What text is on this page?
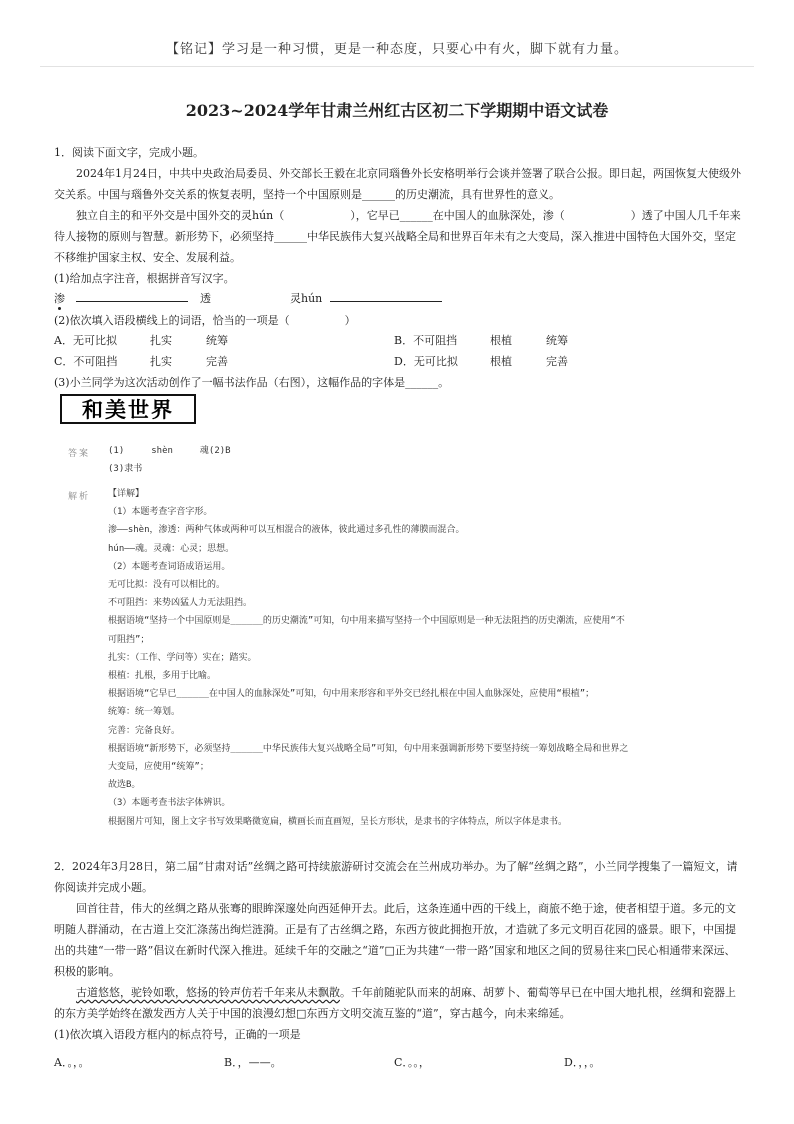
【铭记】学习是一种习惯，更是一种态度，只要心中有火，脚下就有力量。
2023~2024学年甘肃兰州红古区初二下学期期中语文试卷

1．阅读下面文字，完成小题。

2024年1月24日，中共中央政治局委员、外交部长王毅在北京同瑙鲁外长安格明举行会谈并签署了联合公报。即日起，两国恢复大使级外交关系。中国与瑙鲁外交关系的恢复表明，坚持一个中国原则是______的历史潮流，具有世界性的意义。

独立自主的和平外交是中国外交的灵hún（　　　　　　），它早已______在中国人的血脉深处，渗（　　　　　　）透了中国人几千年来待人接物的原则与智慧。新形势下，必须坚持______中华民族伟大复兴战略全局和世界百年未有之大变局，深入推进中国特色大国外交，坚定不移维护国家主权、安全、发展利益。

(1)给加点字注音，根据拼音写汉字。

渗	透	灵hún
(2)依次填入语段横线上的词语，恰当的一项是（　　　　　）
A．无可比拟	扎实	统筹	B．不可阻挡	根植	统筹
C．不可阻挡	扎实	完善	D．无可比拟	根植	完善
(3)小兰同学为这次活动创作了一幅书法作品（右图），这幅作品的字体是______。
和美世界
答案 (1)　　　shèn　　　魂(2)B

(3)隶书

解析 【详解】

（1）本题考查字音字形。

渗——shèn，渗透：两种气体或两种可以互相混合的液体，彼此通过多孔性的薄膜而混合。

hún——魂。灵魂：心灵；思想。

（2）本题考查词语成语运用。

无可比拟：没有可以相比的。

不可阻挡：来势凶猛人力无法阻挡。

根据语境“坚持一个中国原则是______的历史潮流”可知，句中用来描写坚持一个中国原则是一种无法阻挡的历史潮流，应使用“不

可阻挡”；

扎实：（工作、学问等）实在；踏实。

根植：扎根，多用于比喻。

根据语境“它早已______在中国人的血脉深处”可知，句中用来形容和平外交已经扎根在中国人血脉深处，应使用“根植”；

统筹：统一筹划。

完善：完备良好。

根据语境“新形势下，必须坚持______中华民族伟大复兴战略全局”可知，句中用来强调新形势下要坚持统一筹划战略全局和世界之

大变局，应使用“统筹”；

故选B。

（3）本题考查书法字体辨识。

根据图片可知，图上文字书写效果略微宽扁，横画长而直画短，呈长方形状，是隶书的字体特点，所以字体是隶书。

2．2024年3月28日，第二届“甘肃对话”丝绸之路可持续旅游研讨交流会在兰州成功举办。为了解“丝绸之路”，小兰同学搜集了一篇短文，请你阅读并完成小题。

回首往昔，伟大的丝绸之路从张骞的眼眸深邃处向西延伸开去。此后，这条连通中西的干线上，商旅不绝于途，使者相望于道。多元的文明随人群涌动，在古道上交汇涤荡出绚烂涟漪。正是有了古丝绸之路，东西方彼此拥抱开放，才造就了多元文明百花园的盛景。眼下，中国提出的共建“一带一路”倡议在新时代深入推进。延续千年的交融之“道”□正为共建“一带一路”国家和地区之间的贸易往来□民心相通带来深远、积极的影响。

古道悠悠，驼铃如歌，悠扬的铃声仿若千年来从未飘散。千年前随驼队而来的胡麻、胡萝卜、葡萄等早已在中国大地扎根，丝绸和瓷器上的东方美学始终在激发西方人关于中国的浪漫幻想□东西方文明交流互鉴的“道”，穿古越今，向未来绵延。

(1)依次填入语段方框内的标点符号，正确的一项是

A．。，。	B．，——。	C．。。，	D．，，。
